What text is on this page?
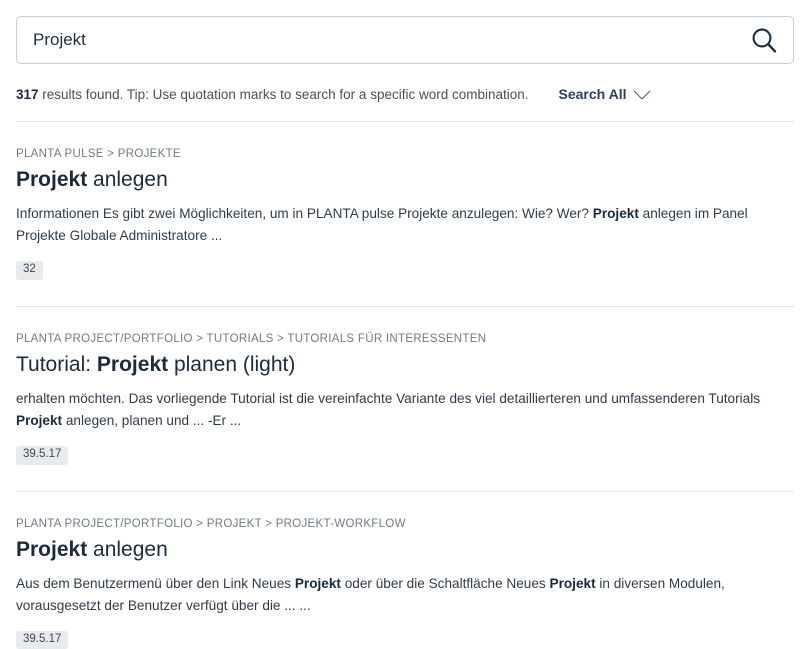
Projekt
317 results found. Tip: Use quotation marks to search for a specific word combination. Search All
PLANTA PULSE > PROJEKTE
Projekt anlegen

Informationen Es gibt zwei Möglichkeiten, um in PLANTA pulse Projekte anzulegen: Wie? Wer? Projekt anlegen im Panel Projekte Globale Administratore ...

32
PLANTA PROJECT/PORTFOLIO > TUTORIALS > TUTORIALS FÜR INTERESSENTEN
Tutorial: Projekt planen (light)

erhalten möchten. Das vorliegende Tutorial ist die vereinfachte Variante des viel detaillierteren und umfassenderen Tutorials Projekt anlegen, planen und ... -Er ...

39.5.17
PLANTA PROJECT/PORTFOLIO > PROJEKT > PROJEKT-WORKFLOW
Projekt anlegen

Aus dem Benutzermenü über den Link Neues Projekt oder über die Schaltfläche Neues Projekt in diversen Modulen, vorausgesetzt der Benutzer verfügt über die ... ...

39.5.17
